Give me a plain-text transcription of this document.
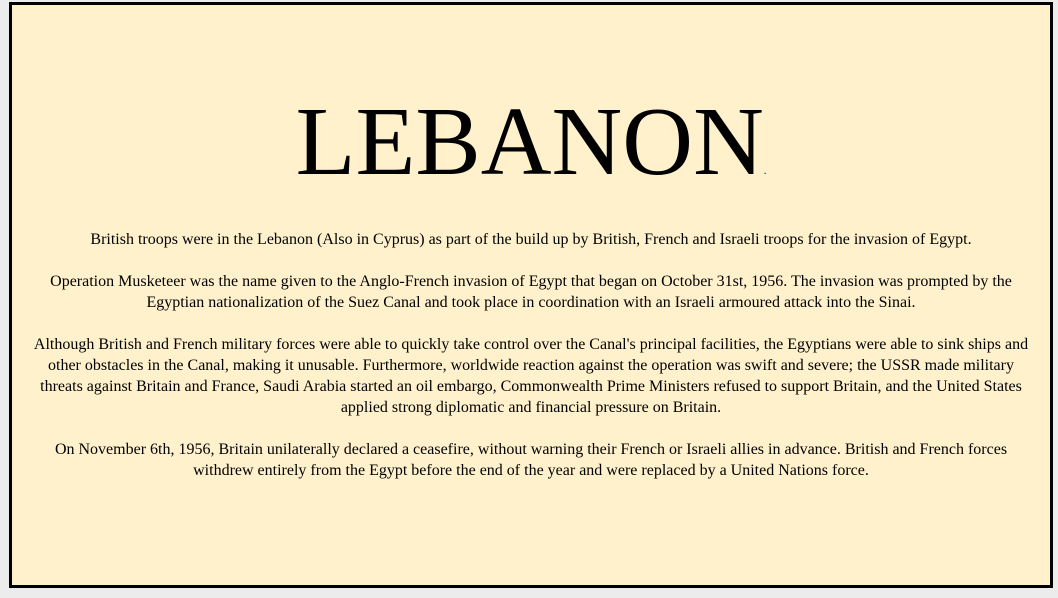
LEBANON.

British troops were in the Lebanon (Also in Cyprus) as part of the build up by British, French and Israeli troops for the invasion of Egypt.

Operation Musketeer was the name given to the Anglo-French invasion of Egypt that began on October 31st, 1956. The invasion was prompted by the Egyptian nationalization of the Suez Canal and took place in coordination with an Israeli armoured attack into the Sinai.

Although British and French military forces were able to quickly take control over the Canal's principal facilities, the Egyptians were able to sink ships and other obstacles in the Canal, making it unusable. Furthermore, worldwide reaction against the operation was swift and severe; the USSR made military threats against Britain and France, Saudi Arabia started an oil embargo, Commonwealth Prime Ministers refused to support Britain, and the United States applied strong diplomatic and financial pressure on Britain.

On November 6th, 1956, Britain unilaterally declared a ceasefire, without warning their French or Israeli allies in advance. British and French forces withdrew entirely from the Egypt before the end of the year and were replaced by a United Nations force.
